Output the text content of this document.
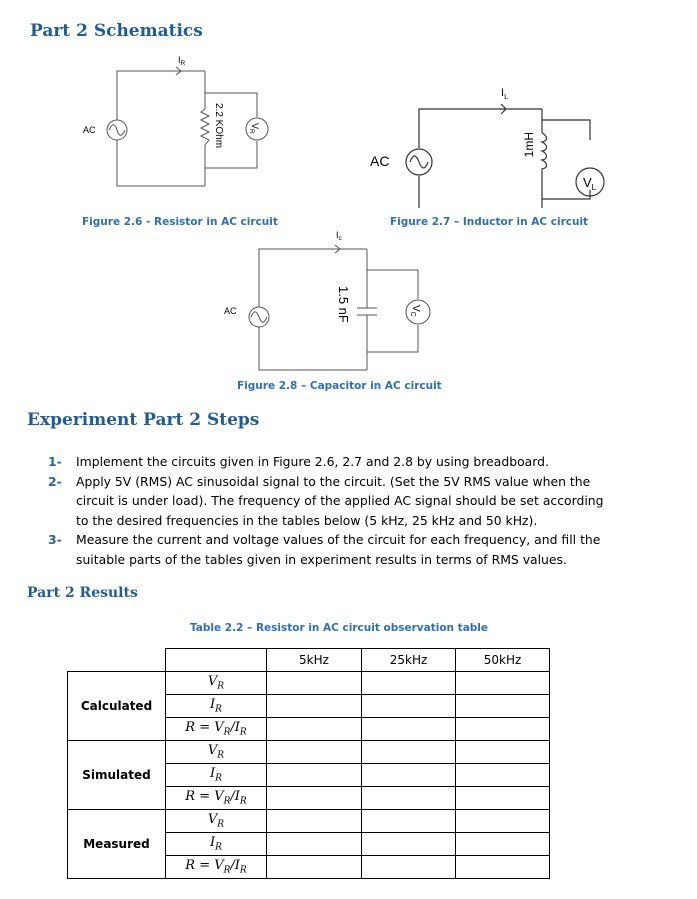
Part 2 Schematics
AC
$I_R$
2.2 KOhm	$V_R$
AC
$I_L$
1mH
$V_L$
Figure 2.6 - Resistor in AC circuit	Figure 2.7 – Inductor in AC circuit
AC
$I_c$
1.5 nF	$V_C$
Figure 2.8 – Capacitor in AC circuit
Experiment Part 2 Steps
1- Implement the circuits given in Figure 2.6, 2.7 and 2.8 by using breadboard.
2- Apply 5V (RMS) AC sinusoidal signal to the circuit. (Set the 5V RMS value when the
circuit is under load). The frequency of the applied AC signal should be set according
to the desired frequencies in the tables below (5 kHz, 25 kHz and 50 kHz).
3- Measure the current and voltage values of the circuit for each frequency, and fill the
suitable parts of the tables given in experiment results in terms of RMS values.
Part 2 Results
Table 2.2 – Resistor in AC circuit observation table
		5kHz	25kHz	50kHz
Calculated	$V_R$			
	$I_R$			
	$R = V_R/I_R$			
Simulated	$V_R$			
	$I_R$			
	$R = V_R/I_R$			
Measured	$V_R$			
	$I_R$			
	$R = V_R/I_R$			
